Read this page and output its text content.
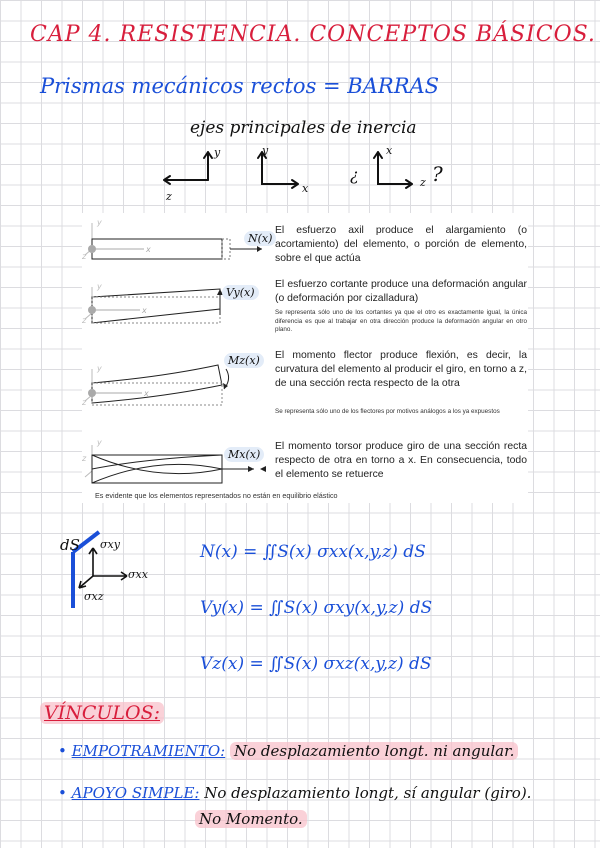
CAP 4. RESISTENCIA. CONCEPTOS BÁSICOS.
Prismas mecánicos rectos = BARRAS
ejes principales de inercia
y
z
y
x
¿
x
z ?
y
z
x
N(x)
El esfuerzo axil produce el alargamiento (o acortamiento) del elemento, o porción de elemento, sobre el que actúa
y
z
x
Vy(x)
El esfuerzo cortante produce una deformación angular (o deformación por cizalladura)
Se representa sólo uno de los cortantes ya que el otro es exactamente igual, la única diferencia es que al trabajar en otra dirección produce la deformación angular en otro plano.
y
z
x
Mz(x)	El momento flector produce flexión, es decir, la curvatura del elemento al producir el giro, en torno a z, de una sección recta respecto de la otra
Se representa sólo uno de los flectores por motivos análogos a los ya expuestos
y
z	Mx(x)
El momento torsor produce giro de una sección recta respecto de otra en torno a x. En consecuencia, todo el elemento se retuerce
Es evidente que los elementos representados no están en equilibrio elástico
dS σxy
σxx
σxz
N(x) = ∬S(x) σxx(x,y,z) dS
Vy(x) = ∬S(x) σxy(x,y,z) dS
Vz(x) = ∬S(x) σxz(x,y,z) dS
VÍNCULOS:
• EMPOTRAMIENTO: No desplazamiento longt. ni angular.
• APOYO SIMPLE: No desplazamiento longt, sí angular (giro).
No Momento.
